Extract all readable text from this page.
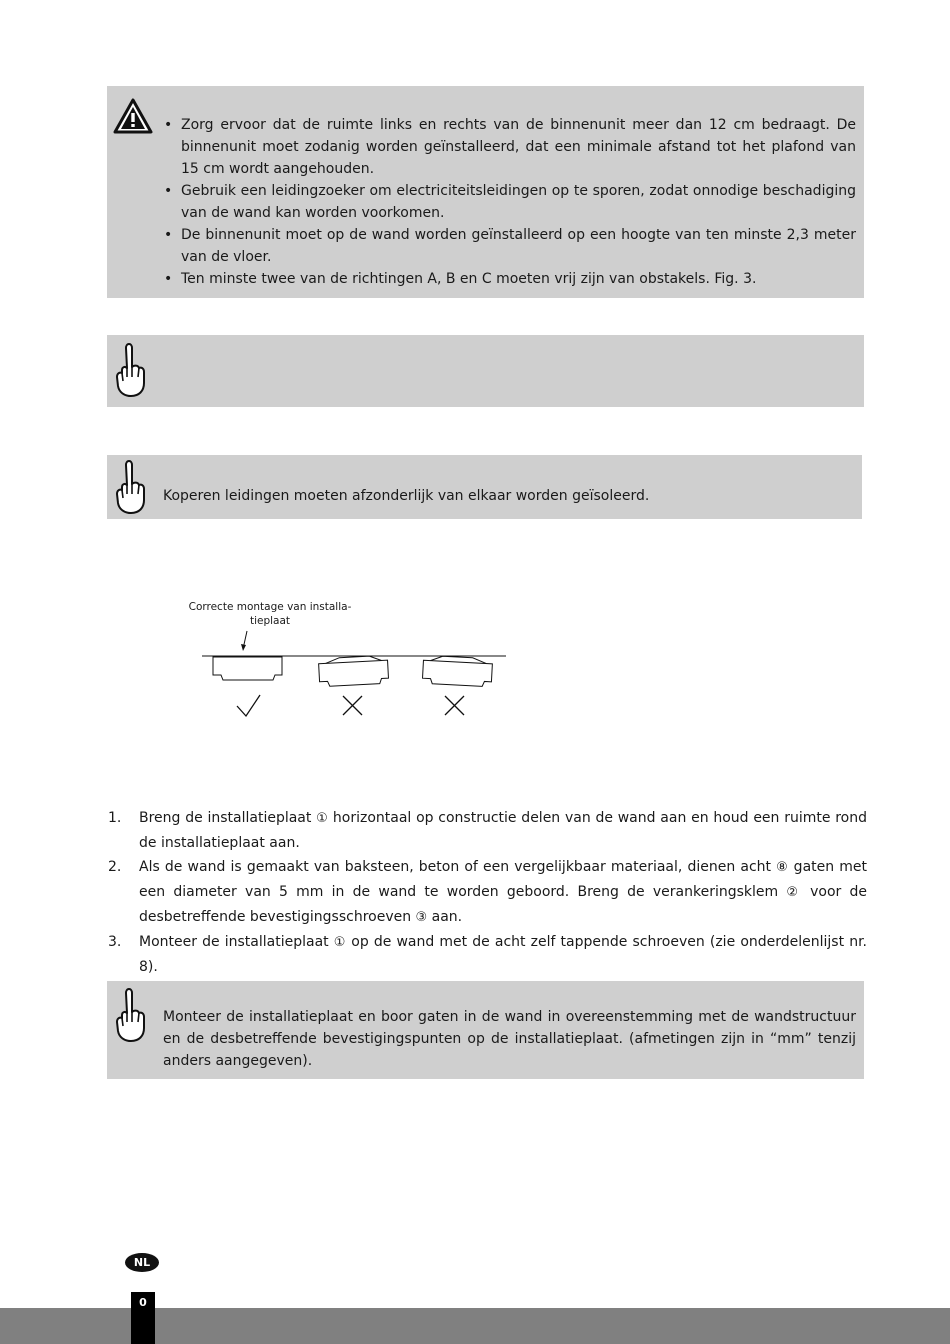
• Zorg ervoor dat de ruimte links en rechts van de binnenunit meer dan 12 cm bedraagt. De binnenunit moet zodanig worden geïnstalleerd, dat een minimale afstand tot het plafond van 15 cm wordt aangehouden.
• Gebruik een leidingzoeker om electriciteitsleidingen op te sporen, zodat onnodige beschadiging van de wand kan worden voorkomen.
• De binnenunit moet op de wand worden geïnstalleerd op een hoogte van ten minste 2,3 meter van de vloer.
• Ten minste twee van de richtingen A, B en C moeten vrij zijn van obstakels. Fig. 3.
Koperen leidingen moeten afzonderlijk van elkaar worden geïsoleerd.
Correcte montage van installa-
tieplaat
1. Breng de installatieplaat ① horizontaal op constructie delen van de wand aan en houd een ruimte rond de installatieplaat aan.
2. Als de wand is gemaakt van baksteen, beton of een vergelijkbaar materiaal, dienen acht ⑧ gaten met een diameter van 5 mm in de wand te worden geboord. Breng de verankeringsklem ② voor de desbetreffende bevestigingsschroeven ③ aan.
3. Monteer de installatieplaat ① op de wand met de acht zelf tappende schroeven (zie onderdelenlijst nr. 8).
Monteer de installatieplaat en boor gaten in de wand in overeenstemming met de wandstructuur en de desbetreffende bevestigingspunten op de installatieplaat. (afmetingen zijn in “mm” tenzij anders aangegeven).
NL
0
